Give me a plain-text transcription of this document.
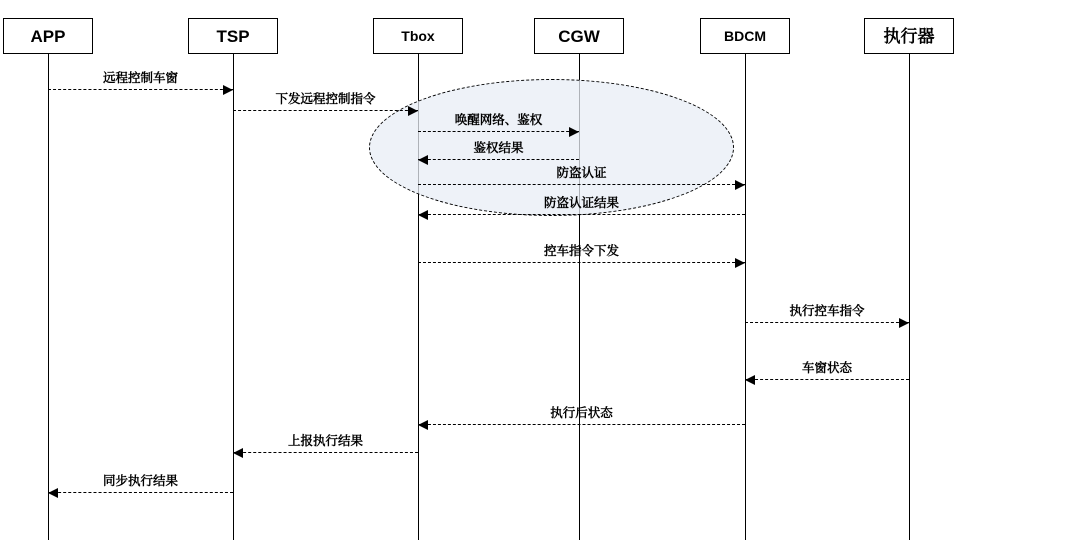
APP	TSP	Tbox	CGW	BDCM	执行器
远程控制车窗
下发远程控制指令
唤醒网络、鉴权
鉴权结果
防盗认证
防盗认证结果
控车指令下发
执行控车指令
车窗状态
执行后状态
上报执行结果
同步执行结果
